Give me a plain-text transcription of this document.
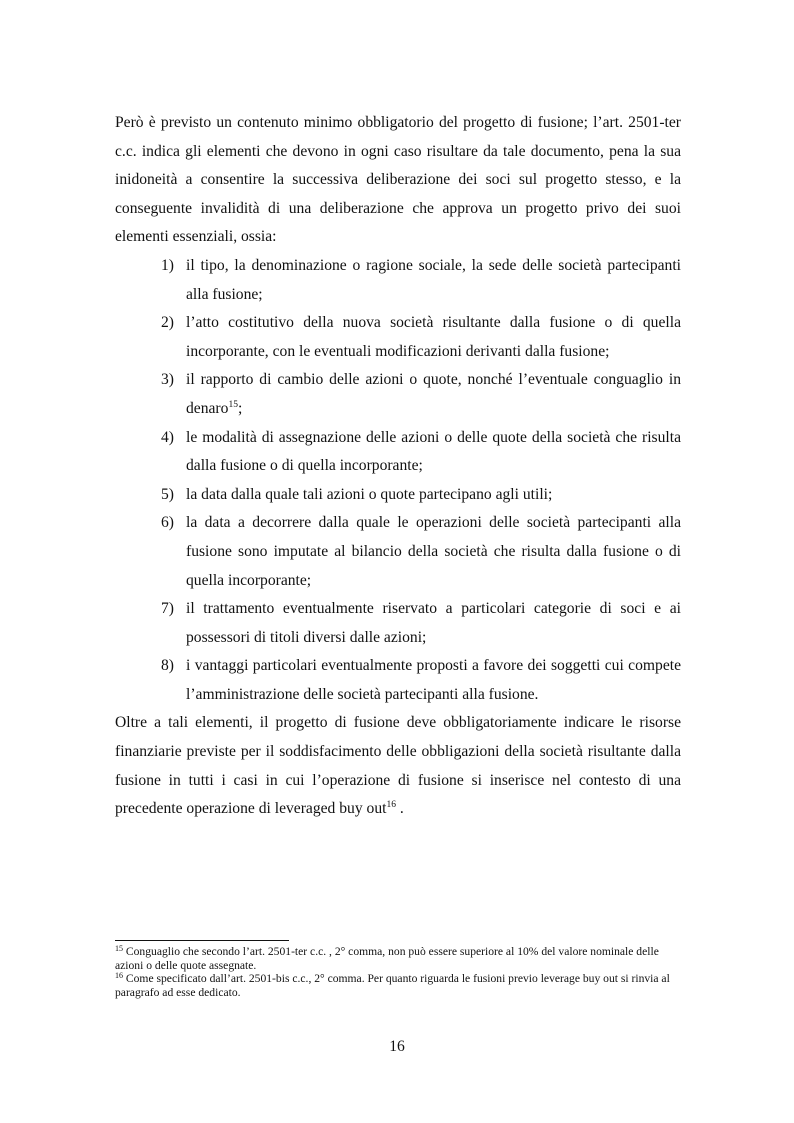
Però è previsto un contenuto minimo obbligatorio del progetto di fusione; l’art. 2501-ter c.c. indica gli elementi che devono in ogni caso risultare da tale documento, pena la sua inidoneità a consentire la successiva deliberazione dei soci sul progetto stesso, e la conseguente invalidità di una deliberazione che approva un progetto privo dei suoi elementi essenziali, ossia:

1) il tipo, la denominazione o ragione sociale, la sede delle società partecipanti alla fusione;
2) l’atto costitutivo della nuova società risultante dalla fusione o di quella incorporante, con le eventuali modificazioni derivanti dalla fusione;
3) il rapporto di cambio delle azioni o quote, nonché l’eventuale conguaglio in denaro$^{15}$;
4) le modalità di assegnazione delle azioni o delle quote della società che risulta dalla fusione o di quella incorporante;
5) la data dalla quale tali azioni o quote partecipano agli utili;
6) la data a decorrere dalla quale le operazioni delle società partecipanti alla fusione sono imputate al bilancio della società che risulta dalla fusione o di quella incorporante;
7) il trattamento eventualmente riservato a particolari categorie di soci e ai possessori di titoli diversi dalle azioni;
8) i vantaggi particolari eventualmente proposti a favore dei soggetti cui compete l’amministrazione delle società partecipanti alla fusione.

Oltre a tali elementi, il progetto di fusione deve obbligatoriamente indicare le risorse finanziarie previste per il soddisfacimento delle obbligazioni della società risultante dalla fusione in tutti i casi in cui l’operazione di fusione si inserisce nel contesto di una precedente operazione di leveraged buy out$^{16}$ .

$^{15}$ Conguaglio che secondo l’art. 2501-ter c.c. , 2° comma, non può essere superiore al 10% del valore nominale delle azioni o delle quote assegnate.

$^{16}$ Come specificato dall’art. 2501-bis c.c., 2° comma. Per quanto riguarda le fusioni previo leverage buy out si rinvia al paragrafo ad esse dedicato.

16
